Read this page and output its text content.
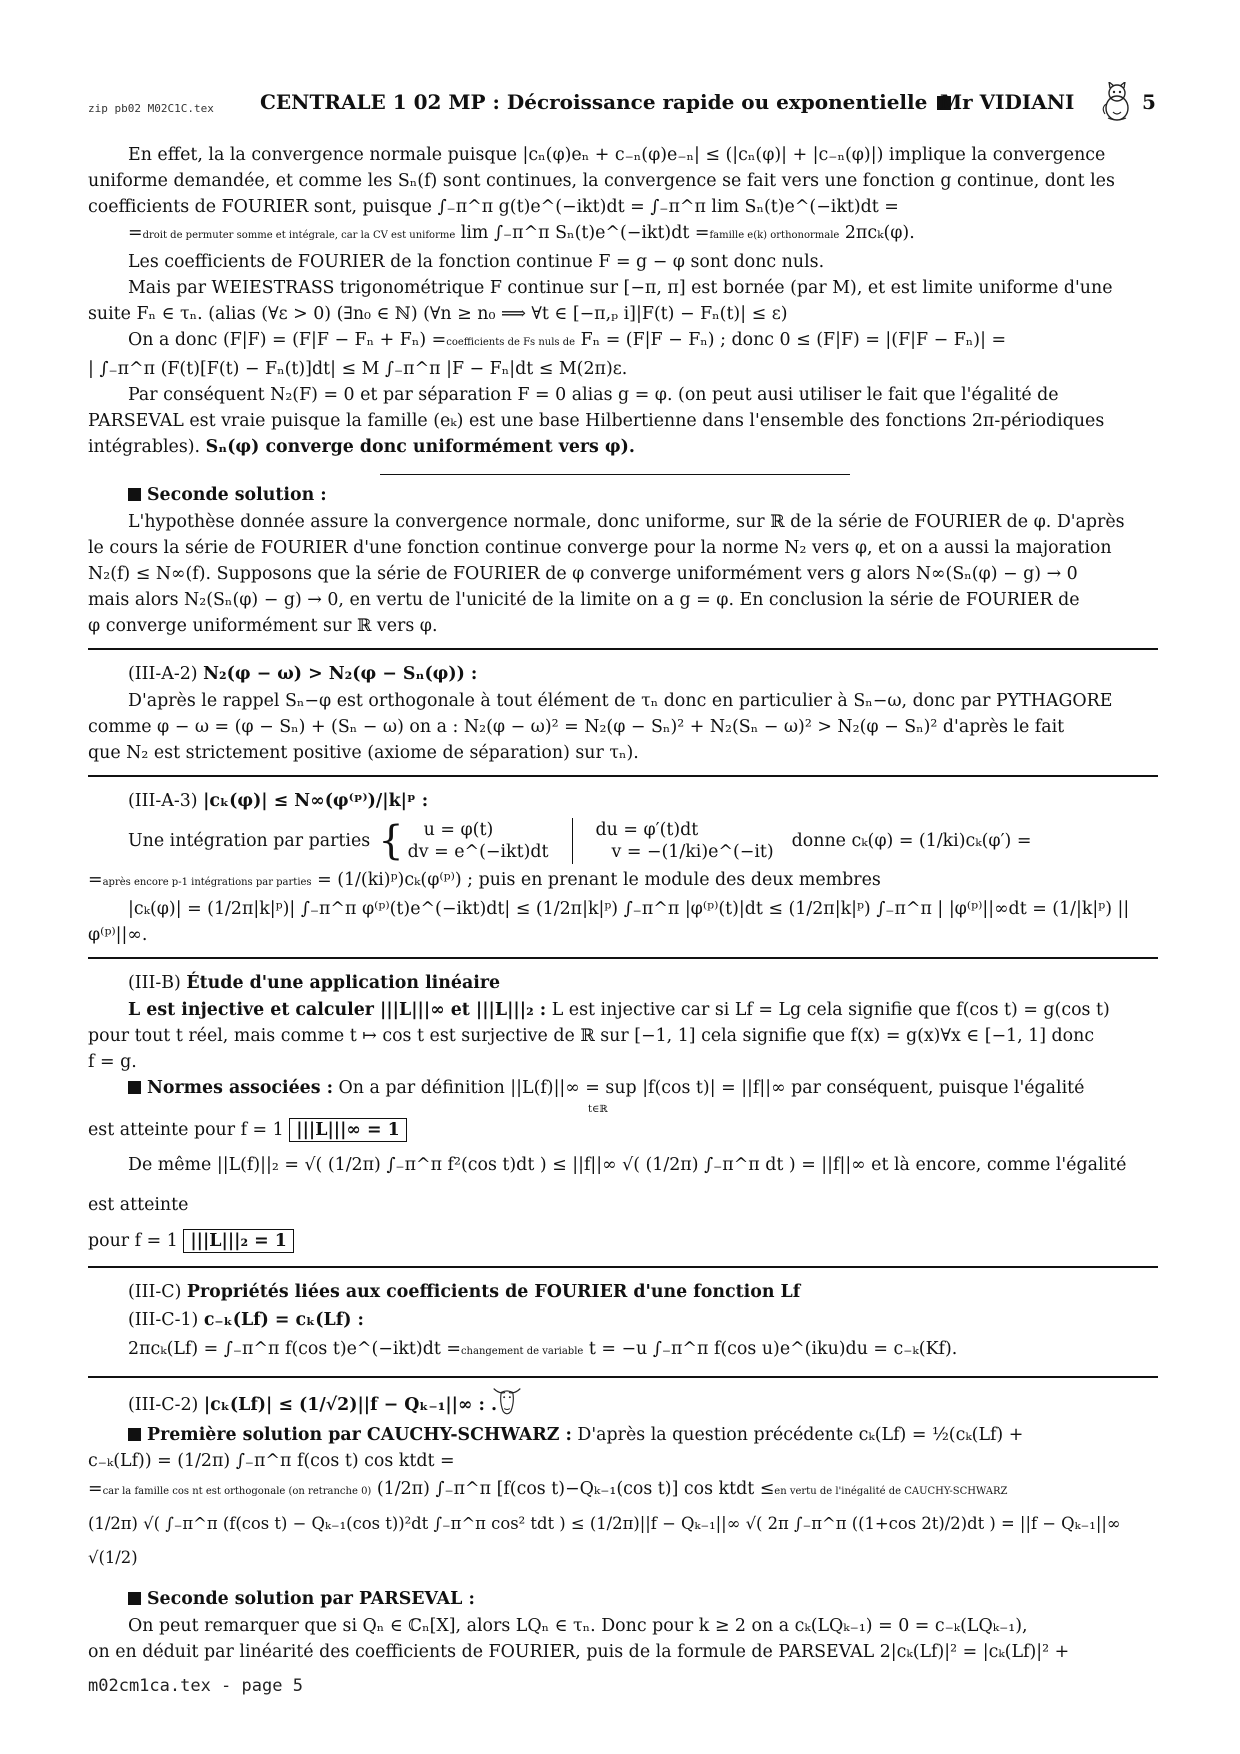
zip pb02 M02C1C.tex CENTRALE 1 02 MP : Décroissance rapide ou exponentielle Mr VIDIANI	5

En effet, la la convergence normale puisque |cₙ(φ)eₙ + c₋ₙ(φ)e₋ₙ| ≤ (|cₙ(φ)| + |c₋ₙ(φ)|) implique la convergence

uniforme demandée, et comme les Sₙ(f) sont continues, la convergence se fait vers une fonction g continue, dont les

coefficients de FOURIER sont, puisque ∫₋π^π g(t)e^(−ikt)dt = ∫₋π^π lim Sₙ(t)e^(−ikt)dt =

=droit de permuter somme et intégrale, car la CV est uniforme lim ∫₋π^π Sₙ(t)e^(−ikt)dt =famille e(k) orthonormale 2πcₖ(φ).

Les coefficients de FOURIER de la fonction continue F = g − φ sont donc nuls.

Mais par WEIESTRASS trigonométrique F continue sur [−π, π] est bornée (par M), et est limite uniforme d'une

suite Fₙ ∈ τₙ. (alias (∀ε > 0) (∃n₀ ∈ ℕ) (∀n ≥ n₀ ⟹ ∀t ∈ [−π,ₚ i]|F(t) − Fₙ(t)| ≤ ε)

On a donc (F|F) = (F|F − Fₙ + Fₙ) =coefficients de Fs nuls de Fₙ = (F|F − Fₙ) ; donc 0 ≤ (F|F) = |(F|F − Fₙ)| =

| ∫₋π^π (F(t)[F(t) − Fₙ(t)]dt| ≤ M ∫₋π^π |F − Fₙ|dt ≤ M(2π)ε.

Par conséquent N₂(F) = 0 et par séparation F = 0 alias g = φ. (on peut ausi utiliser le fait que l'égalité de

PARSEVAL est vraie puisque la famille (eₖ) est une base Hilbertienne dans l'ensemble des fonctions 2π-périodiques

intégrables). Sₙ(φ) converge donc uniformément vers φ).

Seconde solution :

L'hypothèse donnée assure la convergence normale, donc uniforme, sur ℝ de la série de FOURIER de φ. D'après

le cours la série de FOURIER d'une fonction continue converge pour la norme N₂ vers φ, et on a aussi la majoration

N₂(f) ≤ N∞(f). Supposons que la série de FOURIER de φ converge uniformément vers g alors N∞(Sₙ(φ) − g) → 0

mais alors N₂(Sₙ(φ) − g) → 0, en vertu de l'unicité de la limite on a g = φ. En conclusion la série de FOURIER de

φ converge uniformément sur ℝ vers φ.

(III-A-2) N₂(φ − ω) > N₂(φ − Sₙ(φ)) :

D'après le rappel Sₙ−φ est orthogonale à tout élément de τₙ donc en particulier à Sₙ−ω, donc par PYTHAGORE

comme φ − ω = (φ − Sₙ) + (Sₙ − ω) on a : N₂(φ − ω)² = N₂(φ − Sₙ)² + N₂(Sₙ − ω)² > N₂(φ − Sₙ)² d'après le fait

que N₂ est strictement positive (axiome de séparation) sur τₙ).

(III-A-3) |cₖ(φ)| ≤ N∞(φ⁽ᵖ⁾)/|k|ᵖ :

Une intégration par parties {	u = φ(t)
dv = e^(−ikt)dt
du = φ′(t)dt
v = −(1/ki)e^(−it)
donne cₖ(φ) = (1/ki)cₖ(φ′) =

=après encore p-1 intégrations par parties = (1/(ki)ᵖ)cₖ(φ⁽ᵖ⁾) ; puis en prenant le module des deux membres

|cₖ(φ)| = (1/2π|k|ᵖ)| ∫₋π^π φ⁽ᵖ⁾(t)e^(−ikt)dt| ≤ (1/2π|k|ᵖ) ∫₋π^π |φ⁽ᵖ⁾(t)|dt ≤ (1/2π|k|ᵖ) ∫₋π^π | |φ⁽ᵖ⁾||∞dt = (1/|k|ᵖ) ||φ⁽ᵖ⁾||∞.

(III-B) Étude d'une application linéaire

L est injective et calculer |||L|||∞ et |||L|||₂ : L est injective car si Lf = Lg cela signifie que f(cos t) = g(cos t)

pour tout t réel, mais comme t ↦ cos t est surjective de ℝ sur [−1, 1] cela signifie que f(x) = g(x)∀x ∈ [−1, 1] donc

f = g.

Normes associées : On a par définition ||L(f)||∞ = sup |f(cos t)| = ||f||∞ par conséquent, puisque l'égalité
t∈ℝ

est atteinte pour f = 1 |||L|||∞ = 1

De même ||L(f)||₂ = √( (1/2π) ∫₋π^π f²(cos t)dt ) ≤ ||f||∞ √( (1/2π) ∫₋π^π dt ) = ||f||∞ et là encore, comme l'égalité est atteinte

pour f = 1 |||L|||₂ = 1

(III-C) Propriétés liées aux coefficients de FOURIER d'une fonction Lf

(III-C-1) c₋ₖ(Lf) = cₖ(Lf) :

2πcₖ(Lf) = ∫₋π^π f(cos t)e^(−ikt)dt =changement de variable t = −u ∫₋π^π f(cos u)e^(iku)du = c₋ₖ(Kf).

(III-C-2) |cₖ(Lf)| ≤ (1/√2)||f − Qₖ₋₁||∞ : .

Première solution par CAUCHY-SCHWARZ : D'après la question précédente cₖ(Lf) = ½(cₖ(Lf) +

c₋ₖ(Lf)) = (1/2π) ∫₋π^π f(cos t) cos ktdt =

=car la famille cos nt est orthogonale (on retranche 0) (1/2π) ∫₋π^π [f(cos t)−Qₖ₋₁(cos t)] cos ktdt ≤en vertu de l'inégalité de CAUCHY-SCHWARZ

(1/2π) √( ∫₋π^π (f(cos t) − Qₖ₋₁(cos t))²dt ∫₋π^π cos² tdt ) ≤ (1/2π)||f − Qₖ₋₁||∞ √( 2π ∫₋π^π ((1+cos 2t)/2)dt ) = ||f − Qₖ₋₁||∞ √(1/2)

Seconde solution par PARSEVAL :

On peut remarquer que si Qₙ ∈ ℂₙ[X], alors LQₙ ∈ τₙ. Donc pour k ≥ 2 on a cₖ(LQₖ₋₁) = 0 = c₋ₖ(LQₖ₋₁),

on en déduit par linéarité des coefficients de FOURIER, puis de la formule de PARSEVAL 2|cₖ(Lf)|² = |cₖ(Lf)|² +

m02cm1ca.tex - page 5
